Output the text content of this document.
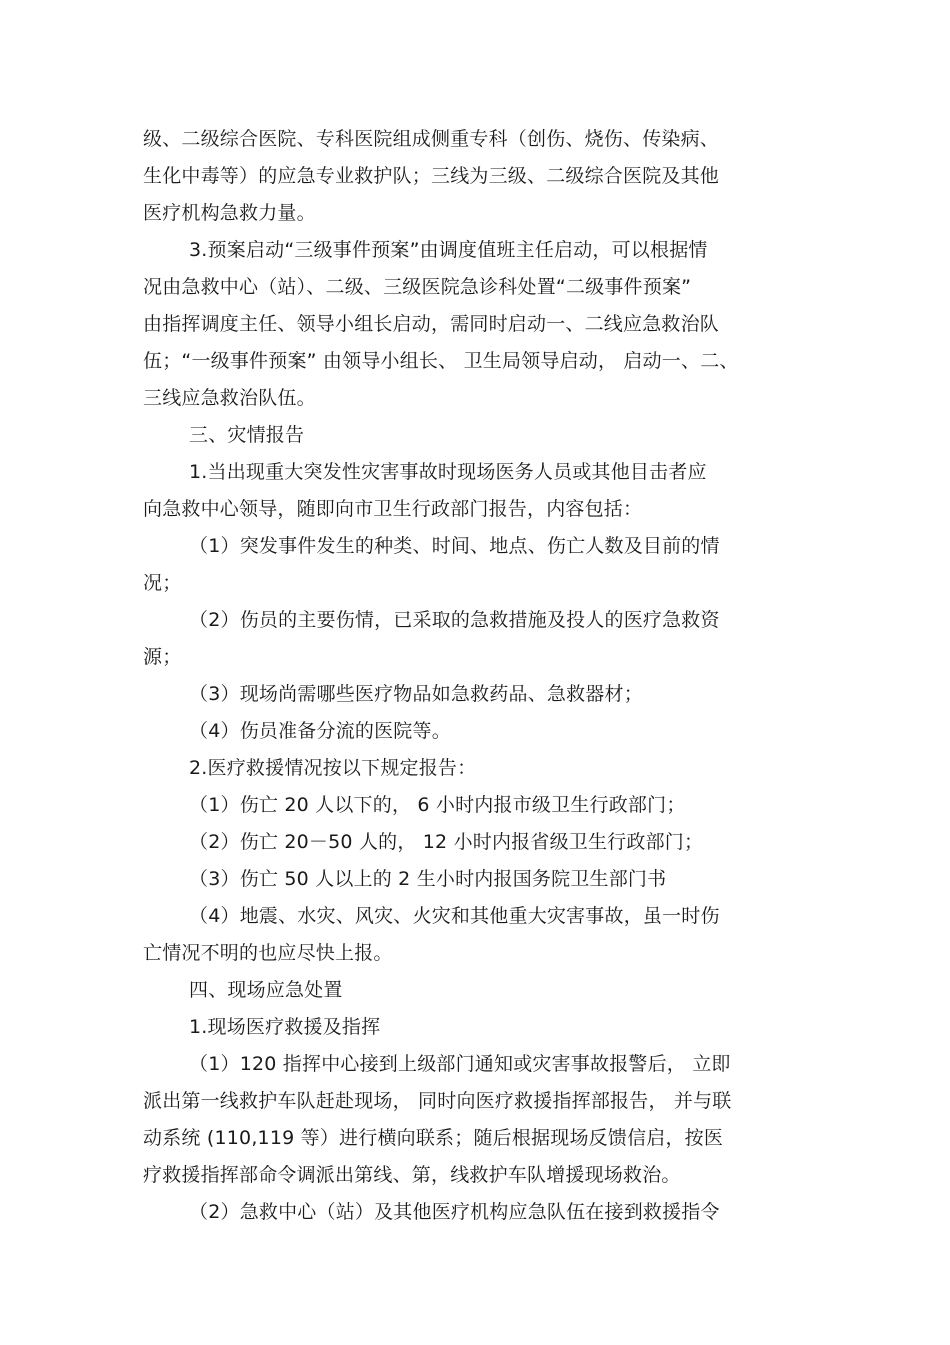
级、二级综合医院、专科医院组成侧重专科（创伤、烧伤、传染病、
生化中毒等）的应急专业救护队；三线为三级、二级综合医院及其他
医疗机构急救力量。
3.预案启动“三级事件预案”由调度值班主任启动，可以根据情
况由急救中心（站）、二级、三级医院急诊科处置“二级事件预案”
由指挥调度主任、领导小组长启动，需同时启动一、二线应急救治队
伍；“一级事件预案” 由领导小组长、 卫生局领导启动， 启动一、二、
三线应急救治队伍。
三、灾情报告
1.当出现重大突发性灾害事故时现场医务人员或其他目击者应
向急救中心领导，随即向市卫生行政部门报告，内容包括：
（1）突发事件发生的种类、时间、地点、伤亡人数及目前的情
况；
（2）伤员的主要伤情，已采取的急救措施及投人的医疗急救资
源；
（3）现场尚需哪些医疗物品如急救药品、急救器材；
（4）伤员准备分流的医院等。
2.医疗救援情况按以下规定报告：
（1）伤亡 20 人以下的， 6 小时内报市级卫生行政部门；
（2）伤亡 20－50 人的， 12 小时内报省级卫生行政部门；
（3）伤亡 50 人以上的 2 生小时内报国务院卫生部门书
（4）地震、水灾、风灾、火灾和其他重大灾害事故，虽一时伤
亡情况不明的也应尽快上报。
四、现场应急处置
1.现场医疗救援及指挥
（1）120 指挥中心接到上级部门通知或灾害事故报警后， 立即
派出第一线救护车队赶赴现场， 同时向医疗救援指挥部报告， 并与联
动系统 (110,119 等）进行横向联系；随后根据现场反馈信启，按医
疗救援指挥部命令调派出第线、第，线救护车队增援现场救治。
（2）急救中心（站）及其他医疗机构应急队伍在接到救援指令
